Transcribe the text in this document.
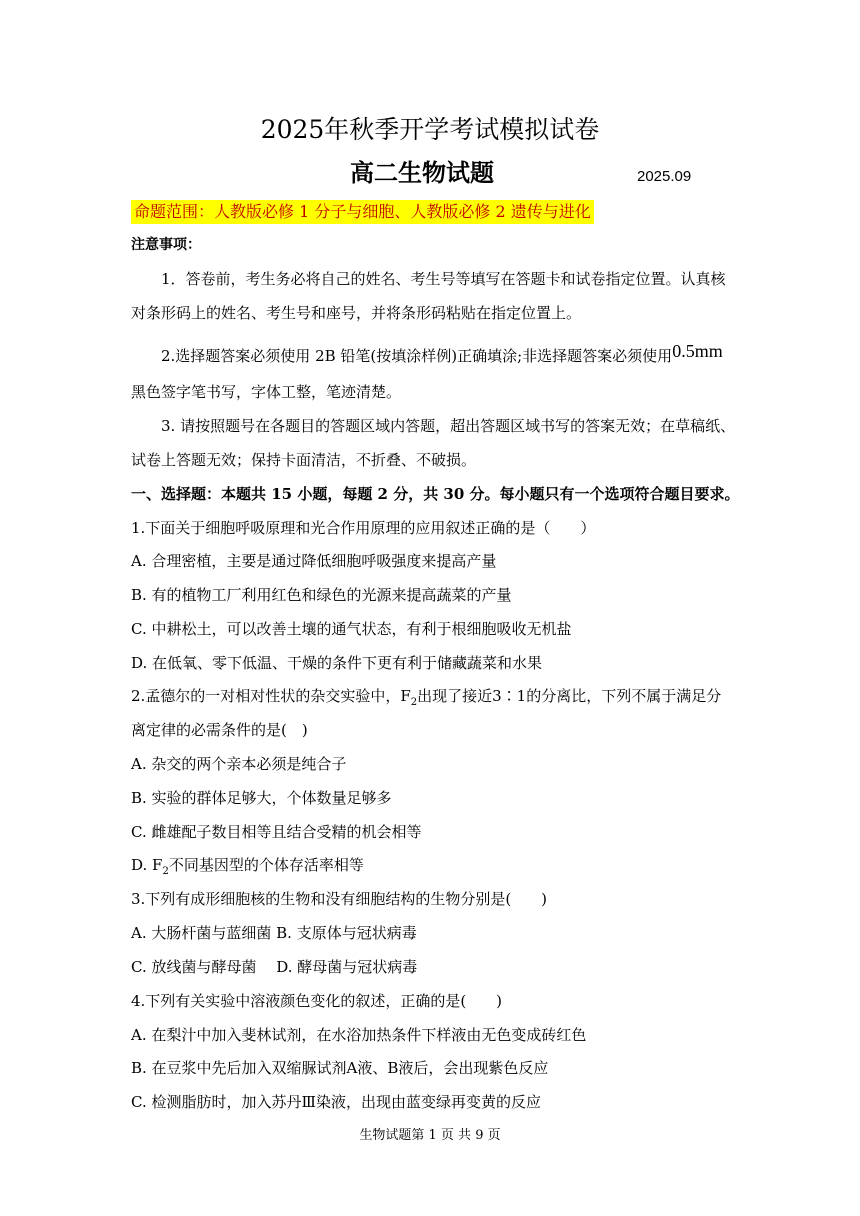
2025年秋季开学考试模拟试卷
高二生物试题	2025.09
命题范围：人教版必修 1 分子与细胞、人教版必修 2 遗传与进化
注意事项：
1．答卷前，考生务必将自己的姓名、考生号等填写在答题卡和试卷指定位置。认真核
对条形码上的姓名、考生号和座号，并将条形码粘贴在指定位置上。
2.选择题答案必须使用 2B 铅笔(按填涂样例)正确填涂;非选择题答案必须使用0.5mm
黑色签字笔书写，字体工整，笔迹清楚。
3. 请按照题号在各题目的答题区域内答题，超出答题区域书写的答案无效；在草稿纸、
试卷上答题无效；保持卡面清洁，不折叠、不破损。
一、选择题：本题共 15 小题，每题 2 分，共 30 分。每小题只有一个选项符合题目要求。
1.下面关于细胞呼吸原理和光合作用原理的应用叙述正确的是（　　）
A. 合理密植，主要是通过降低细胞呼吸强度来提高产量
B. 有的植物工厂利用红色和绿色的光源来提高蔬菜的产量
C. 中耕松土，可以改善土壤的通气状态，有利于根细胞吸收无机盐
D. 在低氧、零下低温、干燥的条件下更有利于储藏蔬菜和水果
2.孟德尔的一对相对性状的杂交实验中，$F_2$出现了接近3∶1的分离比，下列不属于满足分
离定律的必需条件的是(　)
A. 杂交的两个亲本必须是纯合子
B. 实验的群体足够大，个体数量足够多
C. 雌雄配子数目相等且结合受精的机会相等
D. $F_2$不同基因型的个体存活率相等
3.下列有成形细胞核的生物和没有细胞结构的生物分别是(　　)
A. 大肠杆菌与蓝细菌 B. 支原体与冠状病毒
C. 放线菌与酵母菌　 D. 酵母菌与冠状病毒
4.下列有关实验中溶液颜色变化的叙述，正确的是(　　)
A. 在梨汁中加入斐林试剂，在水浴加热条件下样液由无色变成砖红色
B. 在豆浆中先后加入双缩脲试剂A液、B液后，会出现紫色反应
C. 检测脂肪时，加入苏丹Ⅲ染液，出现由蓝变绿再变黄的反应
生物试题第 1 页 共 9 页
